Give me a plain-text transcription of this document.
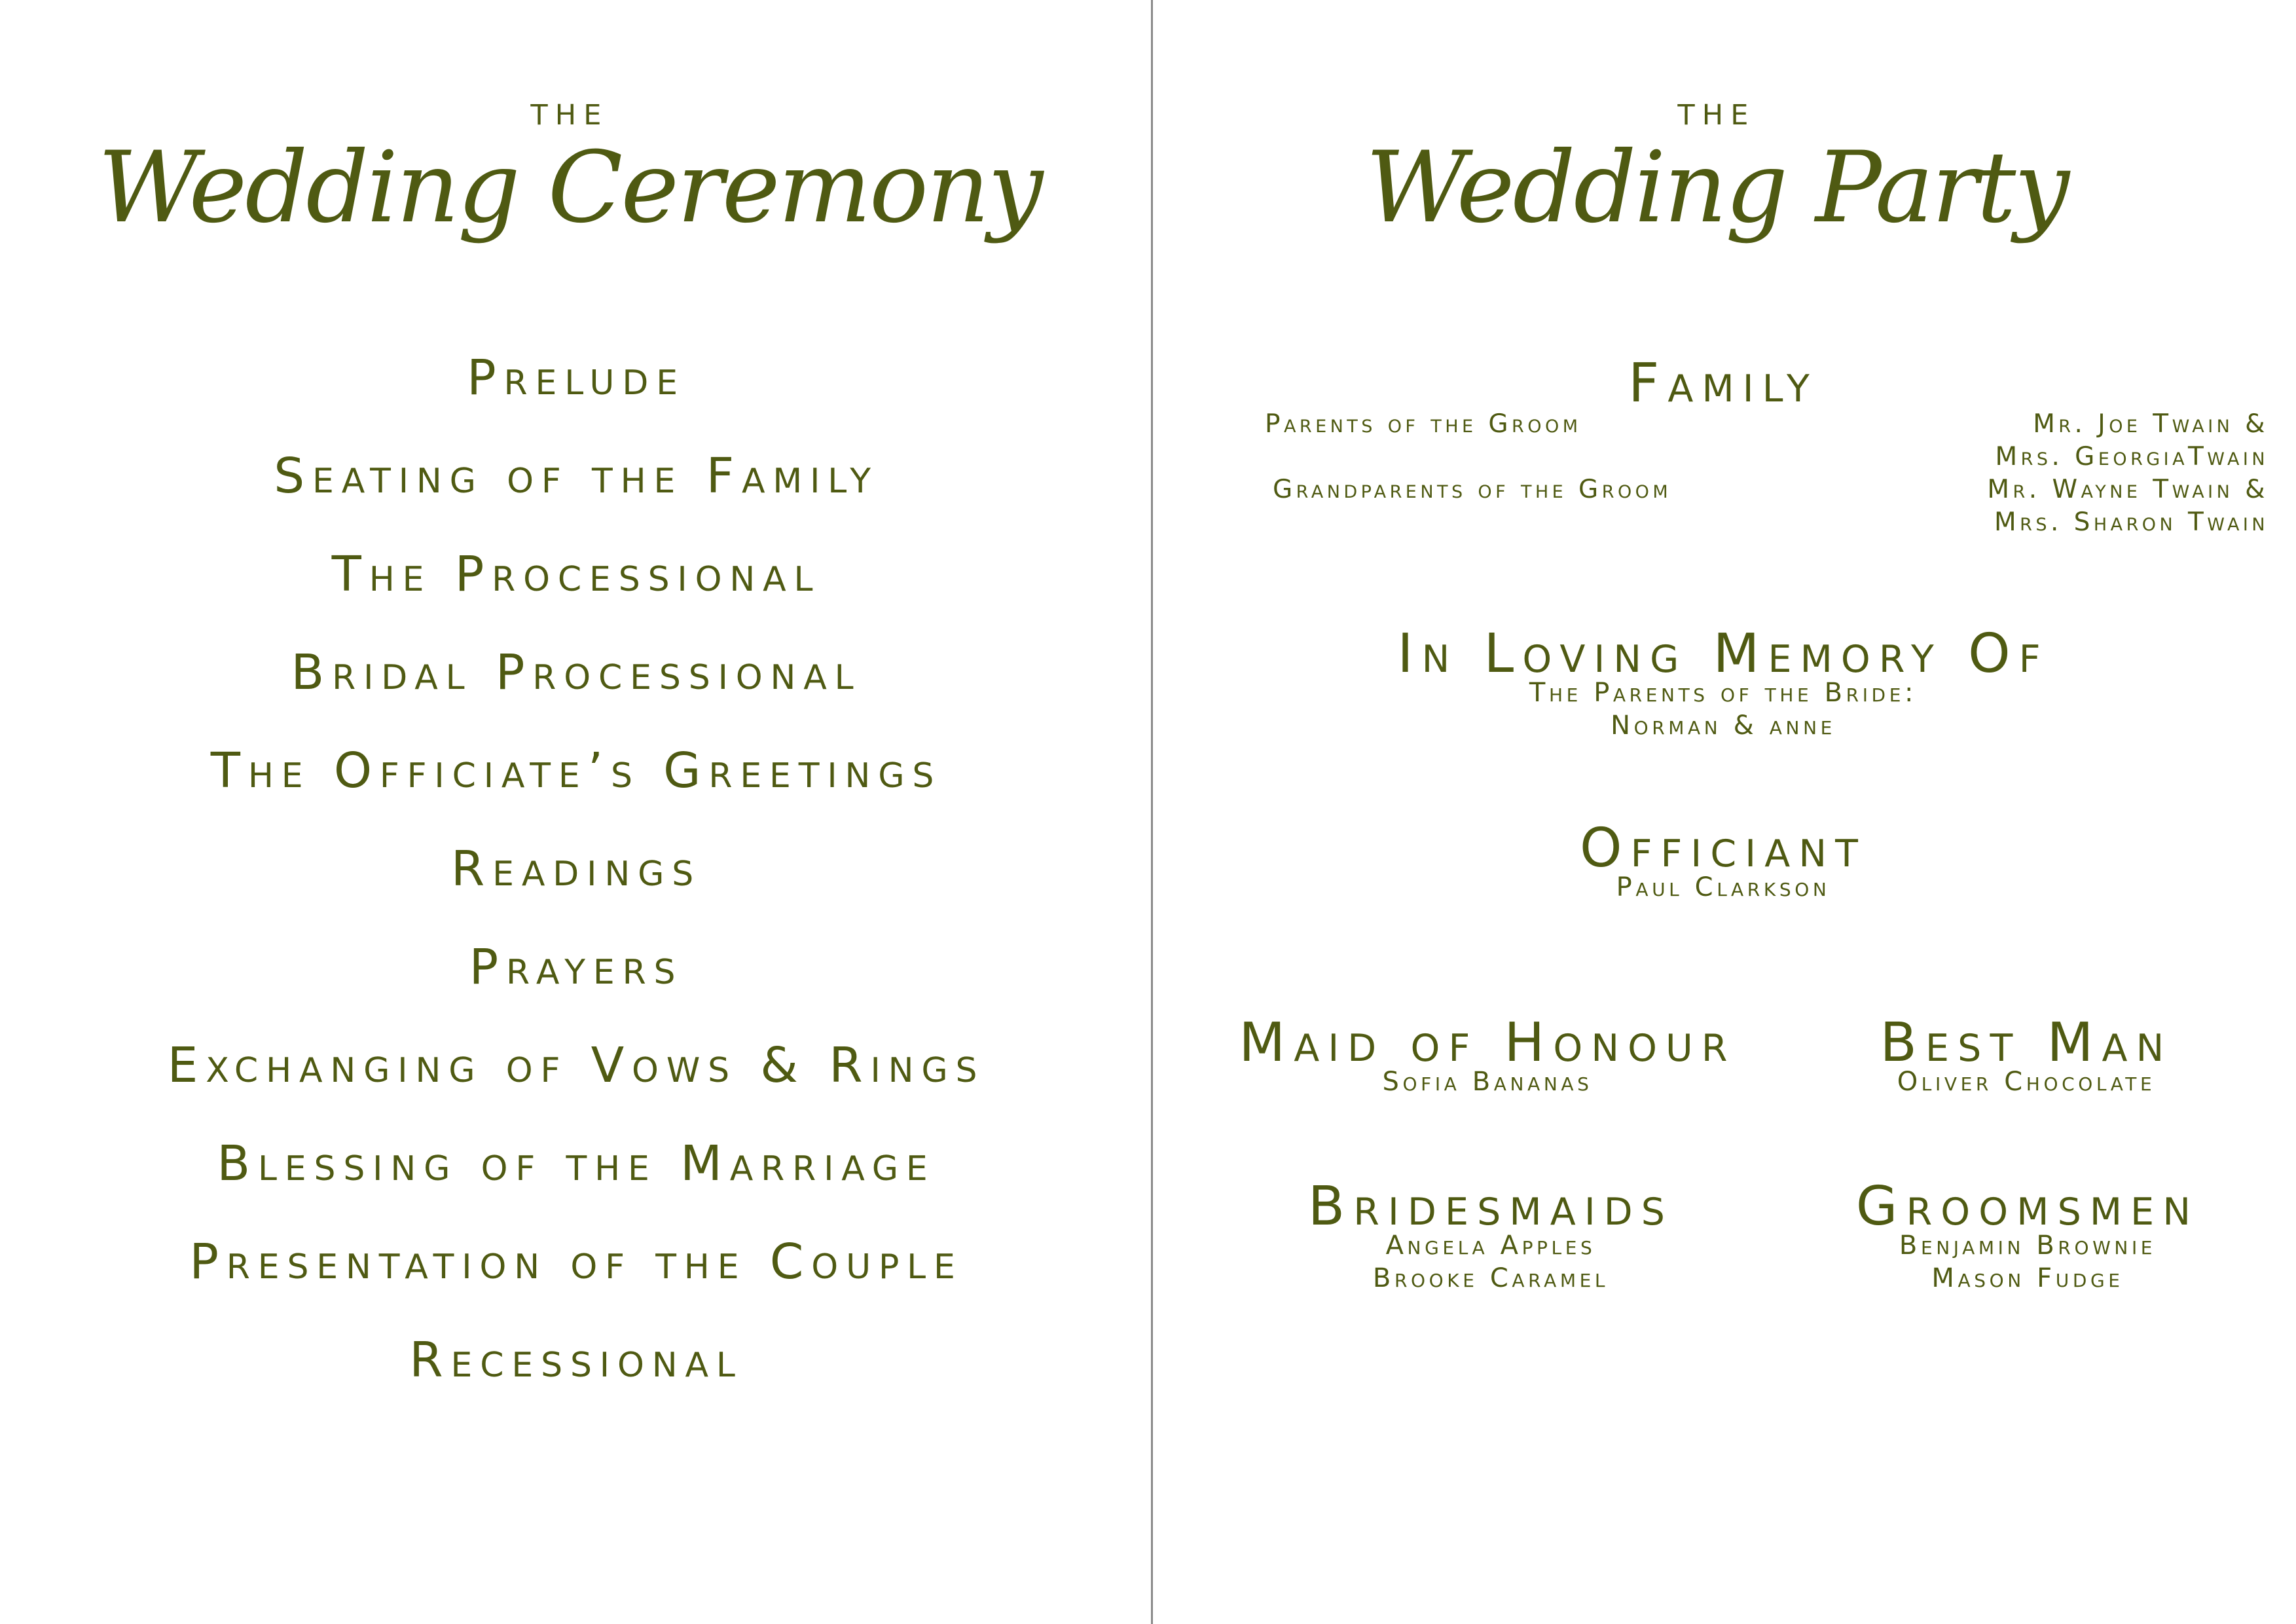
the
Wedding Ceremony
Prelude
Seating of the Family
The Processional
Bridal Processional
The Officiate’s Greetings
Readings
Prayers
Exchanging of Vows & Rings
Blessing of the Marriage
Presentation of the Couple
Recessional
the
Wedding Party
Family
Parents of the Groom	Mr. Joe Twain &
Mrs. GeorgiaTwain
Grandparents of the Groom	Mr. Wayne Twain &
Mrs. Sharon Twain
In Loving Memory Of
The Parents of the Bride:
Norman & anne
Officiant
Paul Clarkson
Maid of Honour
Sofia Bananas
Best Man
Oliver Chocolate
Bridesmaids
Angela Apples
Brooke Caramel
Groomsmen
Benjamin Brownie
Mason Fudge
